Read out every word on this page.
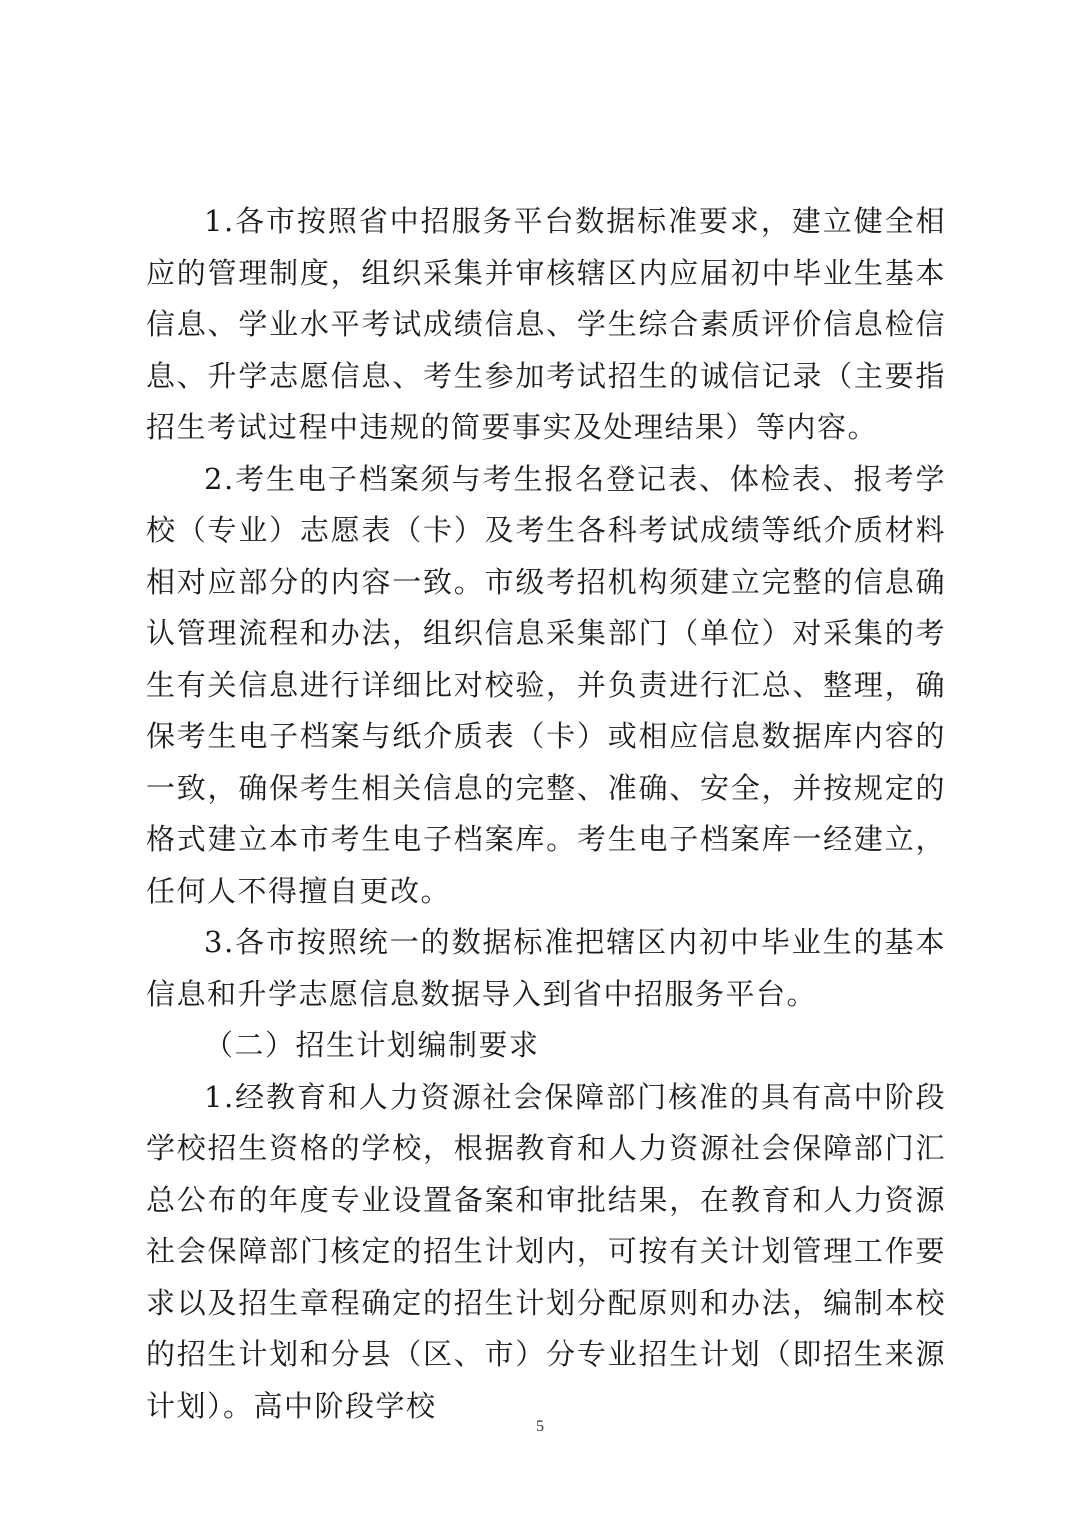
1.各市按照省中招服务平台数据标准要求，建立健全相应的管理制度，组织采集并审核辖区内应届初中毕业生基本信息、学业水平考试成绩信息、学生综合素质评价信息检信息、升学志愿信息、考生参加考试招生的诚信记录（主要指招生考试过程中违规的简要事实及处理结果）等内容。

2.考生电子档案须与考生报名登记表、体检表、报考学校（专业）志愿表（卡）及考生各科考试成绩等纸介质材料相对应部分的内容一致。市级考招机构须建立完整的信息确认管理流程和办法，组织信息采集部门（单位）对采集的考生有关信息进行详细比对校验，并负责进行汇总、整理，确保考生电子档案与纸介质表（卡）或相应信息数据库内容的一致，确保考生相关信息的完整、准确、安全，并按规定的格式建立本市考生电子档案库。考生电子档案库一经建立，任何人不得擅自更改。

3.各市按照统一的数据标准把辖区内初中毕业生的基本信息和升学志愿信息数据导入到省中招服务平台。

（二）招生计划编制要求

1.经教育和人力资源社会保障部门核准的具有高中阶段学校招生资格的学校，根据教育和人力资源社会保障部门汇总公布的年度专业设置备案和审批结果，在教育和人力资源社会保障部门核定的招生计划内，可按有关计划管理工作要求以及招生章程确定的招生计划分配原则和办法，编制本校的招生计划和分县（区、市）分专业招生计划（即招生来源计划）。高中阶段学校

5
